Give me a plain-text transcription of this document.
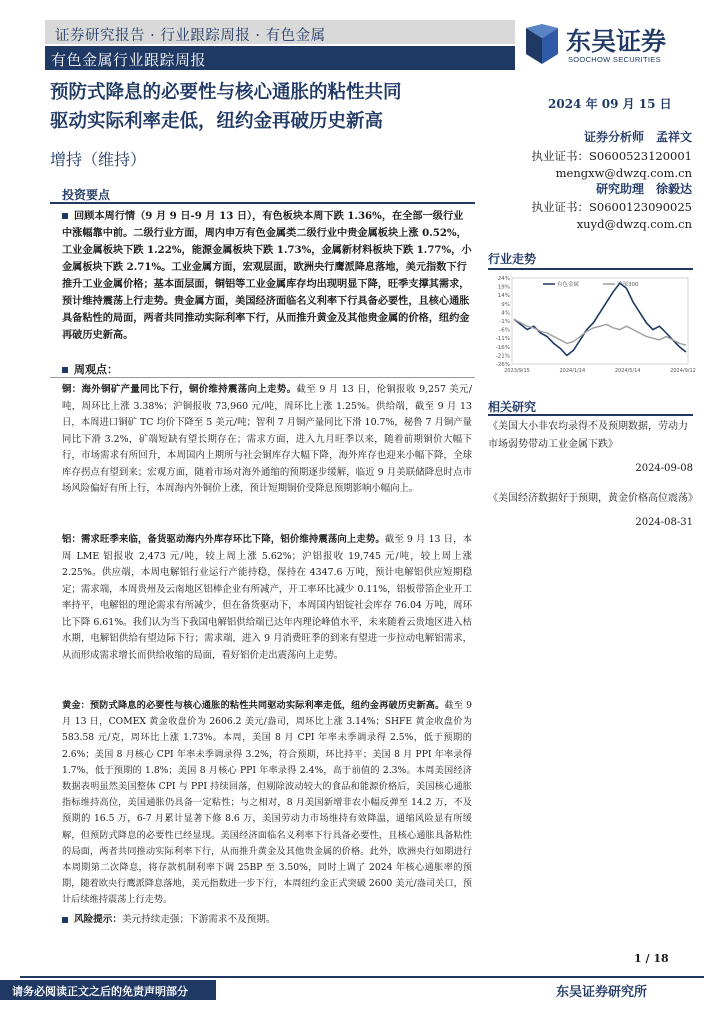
证券研究报告 · 行业跟踪周报 · 有色金属
有色金属行业跟踪周报
东吴证券
SOOCHOW SECURITIES
预防式降息的必要性与核心通胀的粘性共同
驱动实际利率走低，纽约金再破历史新高
增持（维持）
2024 年 09 月 15 日
证券分析师　孟祥文
执业证书：S0600523120001
mengxw@dwzq.com.cn
研究助理　徐毅达
执业证书：S0600123090025
xuyd@dwzq.com.cn
投资要点
回顾本周行情（9 月 9 日-9 月 13 日），有色板块本周下跌 1.36%，在全部一级行业中涨幅靠中前。二级行业方面，周内申万有色金属类二级行业中贵金属板块上涨 0.52%，工业金属板块下跌 1.22%，能源金属板块下跌 1.73%，金属新材料板块下跌 1.77%，小金属板块下跌 2.71%。工业金属方面，宏观层面，欧洲央行鹰派降息落地，美元指数下行推升工业金属价格；基本面层面，铜铝等工业金属库存均出现明显下降，旺季支撑其需求，预计维持震荡上行走势。贵金属方面，美国经济面临名义利率下行具备必要性，且核心通胀具备粘性的局面，两者共同推动实际利率下行，从而推升黄金及其他贵金属的价格，纽约金再破历史新高。
周观点：
铜：海外铜矿产量同比下行，铜价维持震荡向上走势。截至 9 月 13 日，伦铜报收 9,257 美元/吨，周环比上涨 3.38%；沪铜报收 73,960 元/吨，周环比上涨 1.25%。供给端，截至 9 月 13 日，本周进口铜矿 TC 均价下降至 5 美元/吨；智利 7 月铜产量同比下滑 10.7%，秘鲁 7 月铜产量同比下滑 3.2%，矿端短缺有望长期存在；需求方面，进入九月旺季以来，随着前期铜价大幅下行，市场需求有所回升，本周国内上期所与社会铜库存大幅下降，海外库存也迎来小幅下降，全球库存拐点有望到来；宏观方面，随着市场对海外通缩的预期逐步缓解，临近 9 月美联储降息时点市场风险偏好有所上行，本周海内外铜价上涨，预计短期铜价受降息预期影响小幅向上。
铝：需求旺季来临，备货驱动海内外库存环比下降，铝价维持震荡向上走势。截至 9 月 13 日，本周 LME 铝报收 2,473 元/吨，较上周上涨 5.62%；沪铝报收 19,745 元/吨，较上周上涨 2.25%。供应端，本周电解铝行业运行产能持稳，保持在 4347.6 万吨，预计电解铝供应短期稳定；需求端，本周贵州及云南地区铝棒企业有所减产，开工率环比减少 0.11%，铝板带箔企业开工率持平，电解铝的理论需求有所减少，但在备货驱动下，本周国内铝锭社会库存 76.04 万吨，周环比下降 6.61%。我们认为当下我国电解铝供给端已达年内理论峰值水平，未来随着云贵地区进入枯水期，电解铝供给有望边际下行；需求端，进入 9 月消费旺季的到来有望进一步拉动电解铝需求，从而形成需求增长而供给收缩的局面，看好铝价走出震荡向上走势。
黄金：预防式降息的必要性与核心通胀的粘性共同驱动实际利率走低，纽约金再破历史新高。截至 9 月 13 日，COMEX 黄金收盘价为 2606.2 美元/盎司，周环比上涨 3.14%；SHFE 黄金收盘价为 583.58 元/克，周环比上涨 1.73%。本周，美国 8 月 CPI 年率未季调录得 2.5%，低于预期的 2.6%；美国 8 月核心 CPI 年率未季调录得 3.2%，符合预期，环比持平；美国 8 月 PPI 年率录得 1.7%，低于预期的 1.8%；美国 8 月核心 PPI 年率录得 2.4%，高于前值的 2.3%。本周美国经济数据表明虽然美国整体 CPI 与 PPI 持续回落，但剔除波动较大的食品和能源价格后，美国核心通胀指标维持高位，美国通胀仍具备一定粘性；与之相对，8 月美国新增非农小幅反弹至 14.2 万，不及预期的 16.5 万，6-7 月累计显著下修 8.6 万，美国劳动力市场维持有效降温，通缩风险显有所缓解，但预防式降息的必要性已经显现。美国经济面临名义利率下行具备必要性，且核心通胀具备粘性的局面，两者共同推动实际利率下行，从而推升黄金及其他贵金属的价格。此外，欧洲央行如期进行本周期第二次降息，将存款机制利率下调 25BP 至 3.50%，同时上调了 2024 年核心通胀率的预期，随着欧央行鹰派降息落地，美元指数进一步下行，本周纽约金正式突破 2600 美元/盎司关口，预计后续维持震荡上行走势。
风险提示：美元持续走强；下游需求不及预期。
行业走势
24%
19%
14%
9%
4%
-1%
-6%
-11%
-16%
-21%
-26%
2023/9/15	2024/1/14	2024/5/14	2024/9/12
有色金属	沪深300
相关研究
《美国大小非农均录得不及预期数据，劳动力市场弱势带动工业金属下跌》
2024-09-08
《美国经济数据好于预期，黄金价格高位震荡》
2024-08-31
1 / 18
请务必阅读正文之后的免责声明部分	东吴证券研究所
